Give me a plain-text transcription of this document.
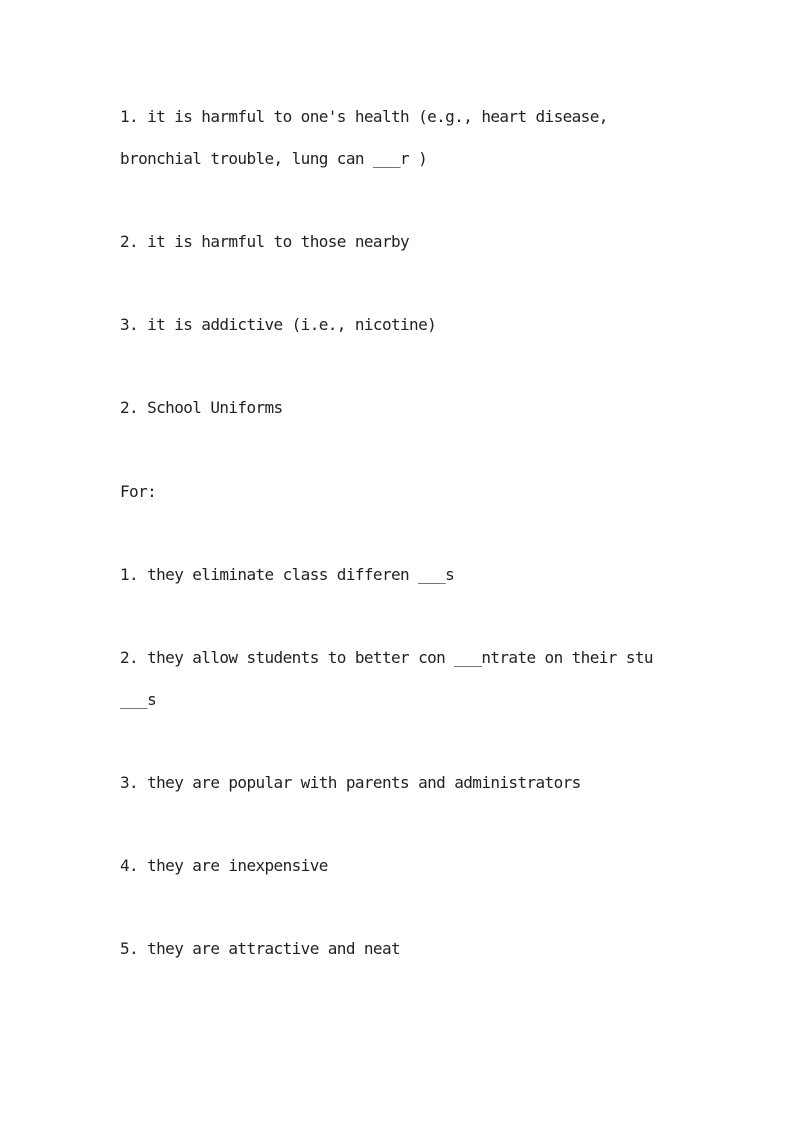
1. it is harmful to one's health (e.g., heart disease,
bronchial trouble, lung can ___r )
2. it is harmful to those nearby
3. it is addictive (i.e., nicotine)
2. School Uniforms
For:
1. they eliminate class differen ___s
2. they allow students to better con ___ntrate on their stu
___s
3. they are popular with parents and administrators
4. they are inexpensive
5. they are attractive and neat
